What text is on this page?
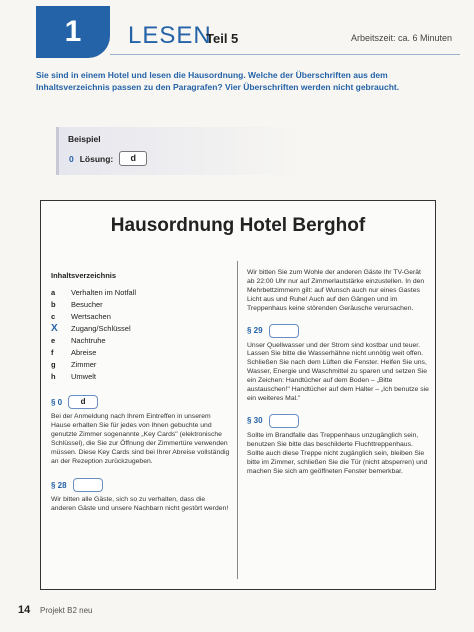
1 LESEN
Teil 5	Arbeitszeit: ca. 6 Minuten
Sie sind in einem Hotel und lesen die Hausordnung. Welche der Überschriften aus dem Inhaltsverzeichnis passen zu den Paragrafen? Vier Überschriften werden nicht gebraucht.
Beispiel
0 Lösung:	d
Hausordnung Hotel Berghof
Inhaltsverzeichnis
a	Verhalten im Notfall
b	Besucher
c	Wertsachen
X	Zugang/Schlüssel
e	Nachtruhe
f	Abreise
g	Zimmer
h	Umwelt
§ 0	d
Bei der Anmeldung nach Ihrem Eintreffen in unserem Hause erhalten Sie für jedes von Ihnen gebuchte und genutzte Zimmer sogenannte „Key Cards" (elektronische Schlüssel), die Sie zur Öffnung der Zimmertüre verwenden müssen. Diese Key Cards sind bei Ihrer Abreise vollständig an der Rezeption zurückzugeben.
§ 28
Wir bitten alle Gäste, sich so zu verhalten, dass die anderen Gäste und unsere Nachbarn nicht gestört werden!
Wir bitten Sie zum Wohle der anderen Gäste Ihr TV-Gerät ab 22:00 Uhr nur auf Zimmerlautstärke einzustellen. In den Mehrbettzimmern gilt: auf Wunsch auch nur eines Gastes Licht aus und Ruhe! Auch auf den Gängen und im Treppenhaus keine störenden Geräusche verursachen.
§ 29
Unser Quellwasser und der Strom sind kostbar und teuer. Lassen Sie bitte die Wasserhähne nicht unnötig weit offen. Schließen Sie nach dem Lüften die Fenster. Helfen Sie uns, Wasser, Energie und Waschmittel zu sparen und setzen Sie ein Zeichen: Handtücher auf dem Boden – „Bitte austauschen!" Handtücher auf dem Halter – „Ich benutze sie ein weiteres Mal."
§ 30
Sollte im Brandfalle das Treppenhaus unzugänglich sein, benutzen Sie bitte das beschilderte Fluchttreppenhaus. Sollte auch diese Treppe nicht zugänglich sein, bleiben Sie bitte im Zimmer, schließen Sie die Tür (nicht absperren) und machen Sie sich am geöffneten Fenster bemerkbar.
14 Projekt B2 neu
